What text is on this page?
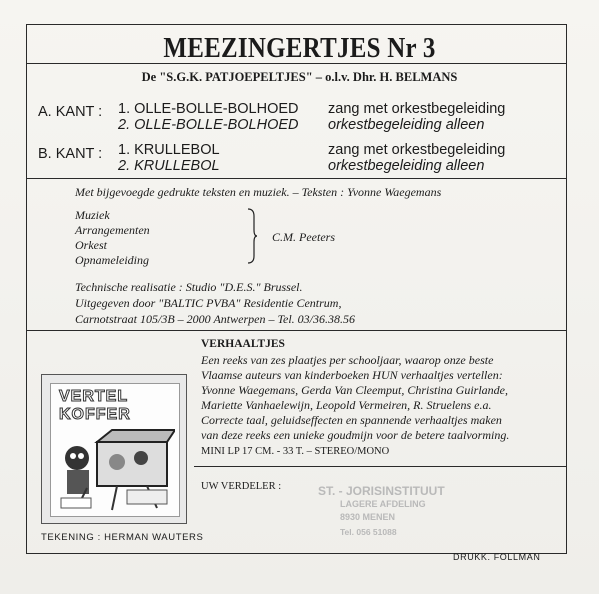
MEEZINGERTJES Nr 3
De "S.G.K. PATJOEPELTJES" – o.l.v. Dhr. H. BELMANS
A. KANT : 1. OLLE-BOLLE-BOLHOED
2. OLLE-BOLLE-BOLHOED
zang met orkestbegeleiding
orkestbegeleiding alleen
B. KANT : 1. KRULLEBOL
2. KRULLEBOL
zang met orkestbegeleiding
orkestbegeleiding alleen
Met bijgevoegde gedrukte teksten en muziek. – Teksten : Yvonne Waegemans
Muziek
Arrangementen
Orkest
Opnameleiding
C.M. Peeters
Technische realisatie : Studio "D.E.S." Brussel.
Uitgegeven door "BALTIC PVBA" Residentie Centrum,
Carnotstraat 105/3B – 2000 Antwerpen – Tel. 03/36.38.56
VERHAALTJES
Een reeks van zes plaatjes per schooljaar, waarop onze beste
Vlaamse auteurs van kinderboeken HUN verhaaltjes vertellen:
Yvonne Waegemans, Gerda Van Cleemput, Christina Guirlande,
Mariette Vanhaelewijn, Leopold Vermeiren, R. Struelens e.a.
Correcte taal, geluidseffecten en spannende verhaaltjes maken
van deze reeks een unieke goudmijn voor de betere taalvorming.
MINI LP 17 CM. - 33 T. – STEREO/MONO
VERTEL
KOFFER
TEKENING : HERMAN WAUTERS
UW VERDELER :	ST. - JORISINSTITUUT
LAGERE AFDELING
8930 MENEN
Tel. 056 51088
DRUKK. FOLLMAN
